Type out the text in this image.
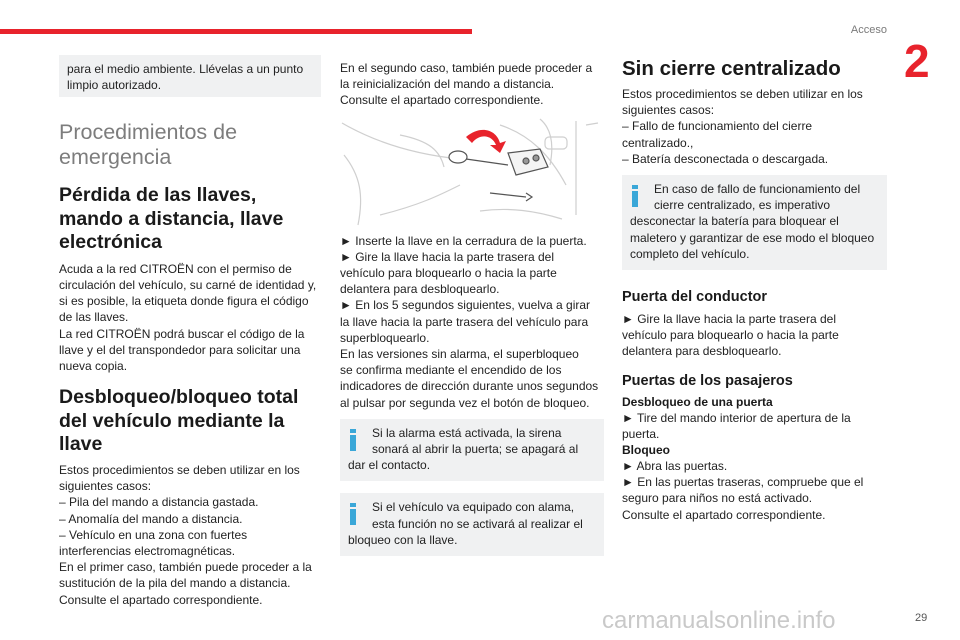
Acceso
2
para el medio ambiente. Llévelas a un punto
limpio autorizado.
Procedimientos de
emergencia
Pérdida de las llaves,
mando a distancia, llave
electrónica
Acuda a la red CITROËN con el permiso de
circulación del vehículo, su carné de identidad y,
si es posible, la etiqueta donde figura el código
de las llaves.
La red CITROËN podrá buscar el código de la
llave y el del transpondedor para solicitar una
nueva copia.
Desbloqueo/bloqueo total
del vehículo mediante la
llave
Estos procedimientos se deben utilizar en los
siguientes casos:
– Pila del mando a distancia gastada.
– Anomalía del mando a distancia.
– Vehículo en una zona con fuertes
interferencias electromagnéticas.
En el primer caso, también puede proceder a la
sustitución de la pila del mando a distancia.
Consulte el apartado correspondiente.
En el segundo caso, también puede proceder a
la reinicialización del mando a distancia.
Consulte el apartado correspondiente.
► Inserte la llave en la cerradura de la puerta.
► Gire la llave hacia la parte trasera del
vehículo para bloquearlo o hacia la parte
delantera para desbloquearlo.
► En los 5 segundos siguientes, vuelva a girar
la llave hacia la parte trasera del vehículo para
superbloquearlo.
En las versiones sin alarma, el superbloqueo
se confirma mediante el encendido de los
indicadores de dirección durante unos segundos
al pulsar por segunda vez el botón de bloqueo.
Si la alarma está activada, la sirena
sonará al abrir la puerta; se apagará al
dar el contacto.
Si el vehículo va equipado con alama,
esta función no se activará al realizar el
bloqueo con la llave.
Sin cierre centralizado
Estos procedimientos se deben utilizar en los
siguientes casos:
– Fallo de funcionamiento del cierre
centralizado.,
– Batería desconectada o descargada.
En caso de fallo de funcionamiento del
cierre centralizado, es imperativo
desconectar la batería para bloquear el
maletero y garantizar de ese modo el bloqueo
completo del vehículo.
Puerta del conductor
► Gire la llave hacia la parte trasera del
vehículo para bloquearlo o hacia la parte
delantera para desbloquearlo.
Puertas de los pasajeros
Desbloqueo de una puerta
► Tire del mando interior de apertura de la
puerta.
Bloqueo
► Abra las puertas.
► En las puertas traseras, compruebe que el
seguro para niños no está activado.
Consulte el apartado correspondiente.
carmanualsonline.info	29
